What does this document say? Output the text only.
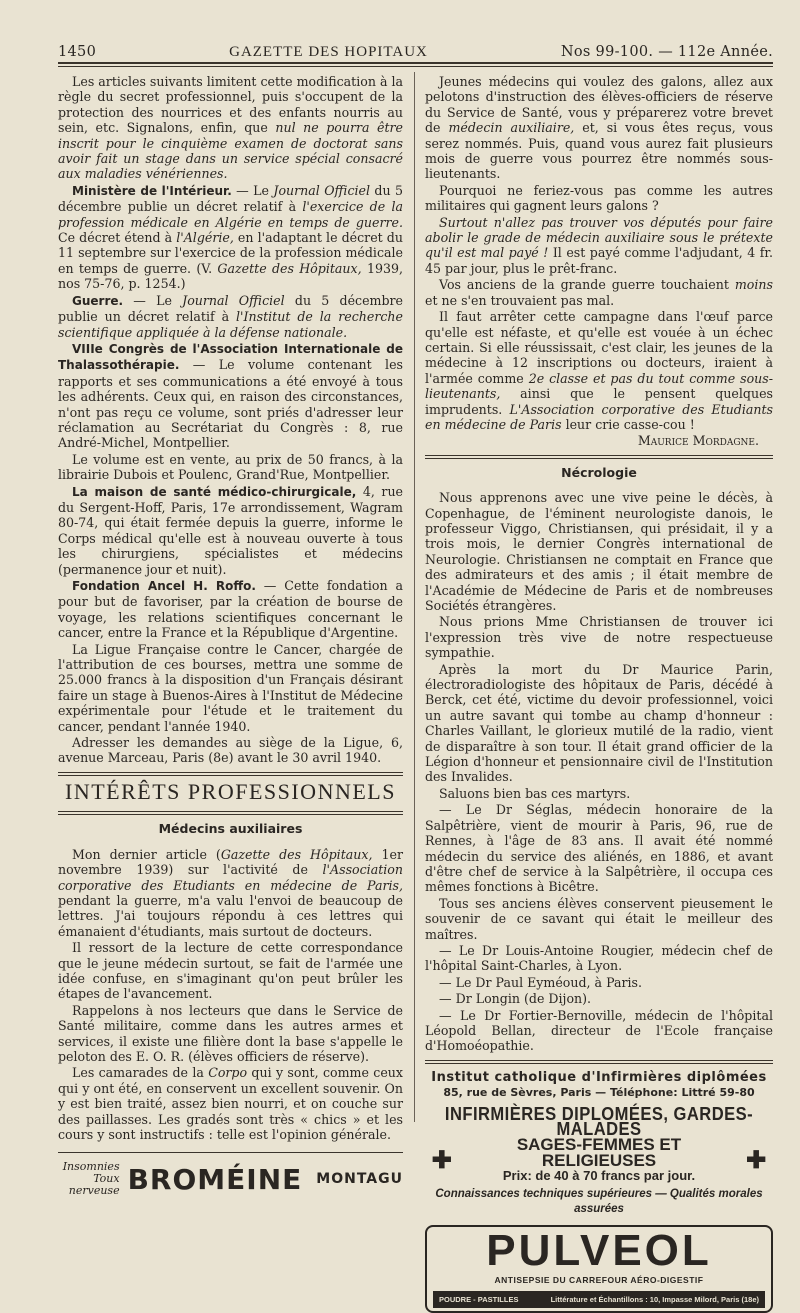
1450	GAZETTE DES HOPITAUX	Nos 99-100. — 112e Année.

Les articles suivants limitent cette modification à la règle du secret professionnel, puis s'occupent de la protection des nourrices et des enfants nourris au sein, etc. Signalons, enfin, que nul ne pourra être inscrit pour le cinquième examen de doctorat sans avoir fait un stage dans un service spécial consacré aux maladies vénériennes.

Ministère de l'Intérieur. — Le Journal Officiel du 5 décembre publie un décret relatif à l'exercice de la profession médicale en Algérie en temps de guerre. Ce décret étend à l'Algérie, en l'adaptant le décret du 11 septembre sur l'exercice de la profession médicale en temps de guerre. (V. Gazette des Hôpitaux, 1939, nos 75-76, p. 1254.)

Guerre. — Le Journal Officiel du 5 décembre publie un décret relatif à l'Institut de la recherche scientifique appliquée à la défense nationale.

VIIIe Congrès de l'Association Internationale de Thalassothérapie. — Le volume contenant les rapports et ses communications a été envoyé à tous les adhérents. Ceux qui, en raison des circonstances, n'ont pas reçu ce volume, sont priés d'adresser leur réclamation au Secrétariat du Congrès : 8, rue André-Michel, Montpellier.

Le volume est en vente, au prix de 50 francs, à la librairie Dubois et Poulenc, Grand'Rue, Montpellier.

La maison de santé médico-chirurgicale, 4, rue du Sergent-Hoff, Paris, 17e arrondissement, Wagram 80-74, qui était fermée depuis la guerre, informe le Corps médical qu'elle est à nouveau ouverte à tous les chirurgiens, spécialistes et médecins (permanence jour et nuit).

Fondation Ancel H. Roffo. — Cette fondation a pour but de favoriser, par la création de bourse de voyage, les relations scientifiques concernant le cancer, entre la France et la République d'Argentine.

La Ligue Française contre le Cancer, chargée de l'attribution de ces bourses, mettra une somme de 25.000 francs à la disposition d'un Français désirant faire un stage à Buenos-Aires à l'Institut de Médecine expérimentale pour l'étude et le traitement du cancer, pendant l'année 1940.

Adresser les demandes au siège de la Ligue, 6, avenue Marceau, Paris (8e) avant le 30 avril 1940.

INTÉRÊTS PROFESSIONNELS
Médecins auxiliaires

Mon dernier article (Gazette des Hôpitaux, 1er novembre 1939) sur l'activité de l'Association corporative des Etudiants en médecine de Paris, pendant la guerre, m'a valu l'envoi de beaucoup de lettres. J'ai toujours répondu à ces lettres qui émanaient d'étudiants, mais surtout de docteurs.

Il ressort de la lecture de cette correspondance que le jeune médecin surtout, se fait de l'armée une idée confuse, en s'imaginant qu'on peut brûler les étapes de l'avancement.

Rappelons à nos lecteurs que dans le Service de Santé militaire, comme dans les autres armes et services, il existe une filière dont la base s'appelle le peloton des E. O. R. (élèves officiers de réserve).

Les camarades de la Corpo qui y sont, comme ceux qui y ont été, en conservent un excellent souvenir. On y est bien traité, assez bien nourri, et on couche sur des paillasses. Les gradés sont très « chics » et les cours y sont instructifs : telle est l'opinion générale.

Insomnies Toux nerveuse BROMÉINE MONTAGU

Jeunes médecins qui voulez des galons, allez aux pelotons d'instruction des élèves-officiers de réserve du Service de Santé, vous y préparerez votre brevet de médecin auxiliaire, et, si vous êtes reçus, vous serez nommés. Puis, quand vous aurez fait plusieurs mois de guerre vous pourrez être nommés sous-lieutenants.

Pourquoi ne feriez-vous pas comme les autres militaires qui gagnent leurs galons ?

Surtout n'allez pas trouver vos députés pour faire abolir le grade de médecin auxiliaire sous le prétexte qu'il est mal payé ! Il est payé comme l'adjudant, 4 fr. 45 par jour, plus le prêt-franc.

Vos anciens de la grande guerre touchaient moins et ne s'en trouvaient pas mal.

Il faut arrêter cette campagne dans l'œuf parce qu'elle est néfaste, et qu'elle est vouée à un échec certain. Si elle réussissait, c'est clair, les jeunes de la médecine à 12 inscriptions ou docteurs, iraient à l'armée comme 2e classe et pas du tout comme sous-lieutenants, ainsi que le pensent quelques imprudents. L'Association corporative des Etudiants en médecine de Paris leur crie casse-cou !

Maurice Mordagne.

Nécrologie

Nous apprenons avec une vive peine le décès, à Copenhague, de l'éminent neurologiste danois, le professeur Viggo, Christiansen, qui présidait, il y a trois mois, le dernier Congrès international de Neurologie. Christiansen ne comptait en France que des admirateurs et des amis ; il était membre de l'Académie de Médecine de Paris et de nombreuses Sociétés étrangères.

Nous prions Mme Christiansen de trouver ici l'expression très vive de notre respectueuse sympathie.

Après la mort du Dr Maurice Parin, électroradiologiste des hôpitaux de Paris, décédé à Berck, cet été, victime du devoir professionnel, voici un autre savant qui tombe au champ d'honneur : Charles Vaillant, le glorieux mutilé de la radio, vient de disparaître à son tour. Il était grand officier de la Légion d'honneur et pensionnaire civil de l'Institution des Invalides.

Saluons bien bas ces martyrs.

— Le Dr Séglas, médecin honoraire de la Salpêtrière, vient de mourir à Paris, 96, rue de Rennes, à l'âge de 83 ans. Il avait été nommé médecin du service des aliénés, en 1886, et avant d'être chef de service à la Salpêtrière, il occupa ces mêmes fonctions à Bicêtre.

Tous ses anciens élèves conservent pieusement le souvenir de ce savant qui était le meilleur des maîtres.

— Le Dr Louis-Antoine Rougier, médecin chef de l'hôpital Saint-Charles, à Lyon.

— Le Dr Paul Eyméoud, à Paris.

— Dr Longin (de Dijon).

— Le Dr Fortier-Bernoville, médecin de l'hôpital Léopold Bellan, directeur de l'Ecole française d'Homoéopathie.

Institut catholique d'Infirmières diplômées
85, rue de Sèvres, Paris — Téléphone: Littré 59-80
INFIRMIÈRES DIPLOMÉES, GARDES-MALADES
✚
SAGES-FEMMES ET RELIGIEUSES
Prix: de 40 à 70 francs par jour.
✚
Connaissances techniques supérieures — Qualités morales assurées
PULVEOL
ANTISEPSIE DU CARREFOUR AÉRO-DIGESTIF
POUDRE - PASTILLES	Littérature et Échantillons : 10, Impasse Milord, Paris (18e)
